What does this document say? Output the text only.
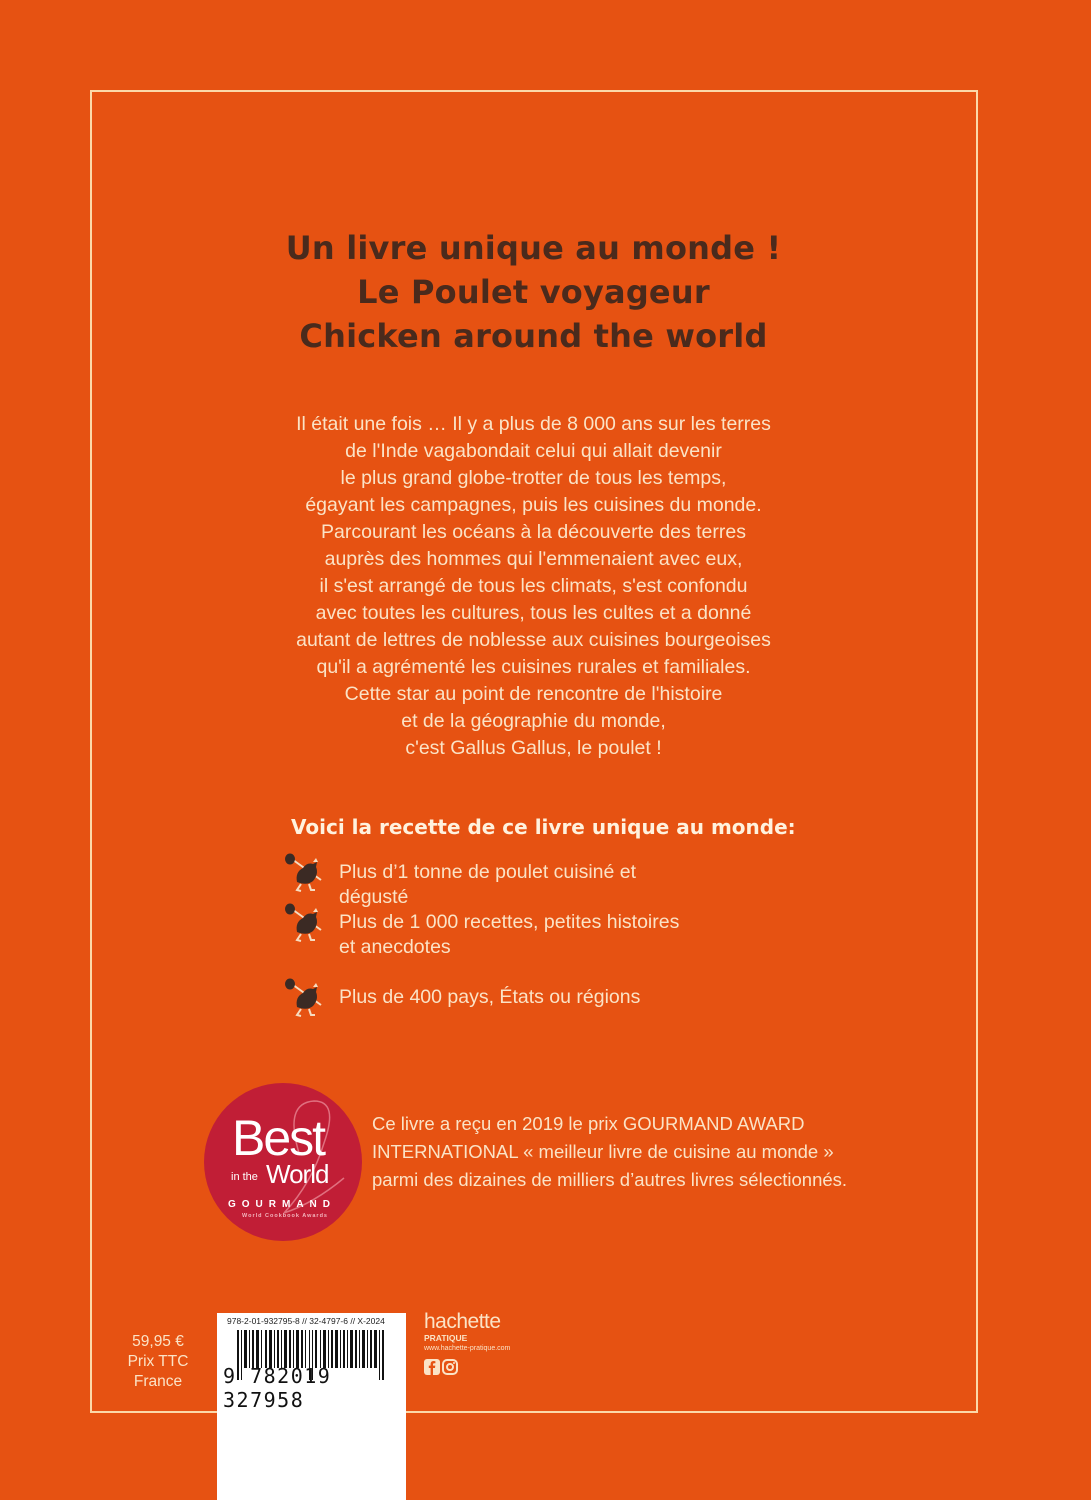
Un livre unique au monde !
Le Poulet voyageur
Chicken around the world
Il était une fois … Il y a plus de 8 000 ans sur les terres
de l'Inde vagabondait celui qui allait devenir
le plus grand globe-trotter de tous les temps,
égayant les campagnes, puis les cuisines du monde.
Parcourant les océans à la découverte des terres
auprès des hommes qui l'emmenaient avec eux,
il s'est arrangé de tous les climats, s'est confondu
avec toutes les cultures, tous les cultes et a donné
autant de lettres de noblesse aux cuisines bourgeoises
qu'il a agrémenté les cuisines rurales et familiales.
Cette star au point de rencontre de l'histoire
et de la géographie du monde,
c'est Gallus Gallus, le poulet !
Voici la recette de ce livre unique au monde:
Plus d’1 tonne de poulet cuisiné et dégusté
Plus de 1 000 recettes, petites histoires et anecdotes
Plus de 400 pays, États ou régions
Best
in the World
GOURMAND
World Cookbook Awards
Ce livre a reçu en 2019 le prix GOURMAND AWARD
INTERNATIONAL « meilleur livre de cuisine au monde »
parmi des dizaines de milliers d’autres livres sélectionnés.
59,95 €
Prix TTC
France
978-2-01-932795-8 // 32-4797-6 // X-2024
9 782019 327958
hachette
PRATIQUE
www.hachette-pratique.com
